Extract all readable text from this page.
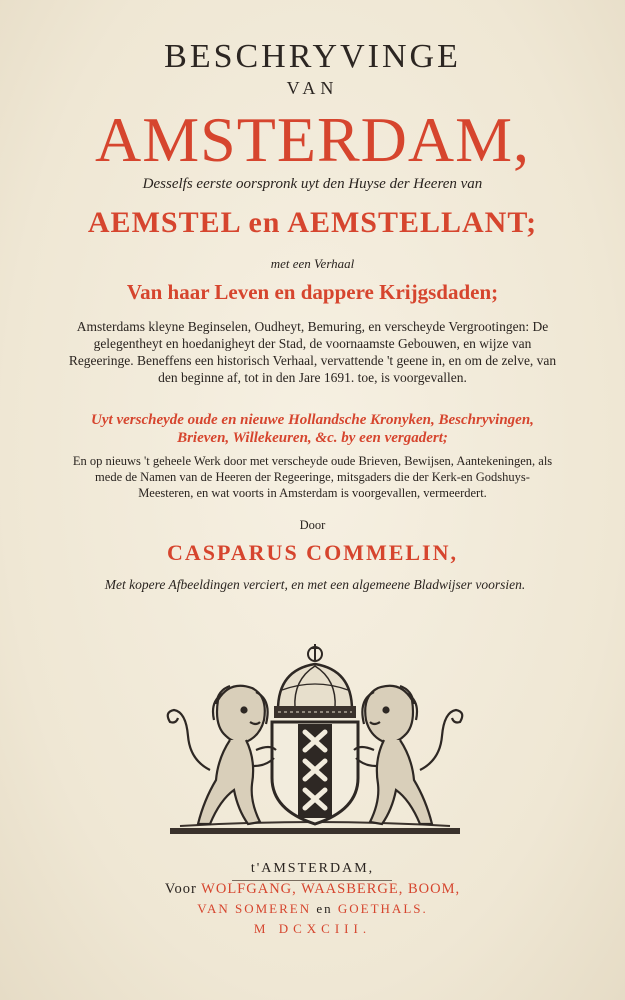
BESCHRYVINGE
VAN
AMSTERDAM,
Desselfs eerste oorspronk uyt den Huyse der Heeren van
AEMSTEL en AEMSTELLANT;
met een Verhaal
Van haar Leven en dappere Krijgsdaden;
Amsterdams kleyne Beginselen, Oudheyt, Bemuring, en verscheyde Vergrootingen: De gelegentheyt en hoedanigheyt der Stad, de voornaamste Gebouwen, en wijze van Regeeringe. Beneffens een historisch Verhaal, vervattende 't geene in, en om de zelve, van den beginne af, tot in den Jare 1691. toe, is voorgevallen.
Uyt verscheyde oude en nieuwe Hollandsche Kronyken, Beschryvingen, Brieven, Willekeuren, &c. by een vergadert;
En op nieuws 't geheele Werk door met verscheyde oude Brieven, Bewijsen, Aantekeningen, als mede de Namen van de Heeren der Regeeringe, mitsgaders die der Kerk-en Godshuys-Meesteren, en wat voorts in Amsterdam is voorgevallen, vermeerdert.
Door
CASPARUS COMMELIN,
Met kopere Afbeeldingen verciert, en met een algemeene Bladwijser voorsien.
t'AMSTERDAM,
Voor WOLFGANG, WAASBERGE, BOOM,
VAN SOMEREN en GOETHALS.
M DCXCIII.
